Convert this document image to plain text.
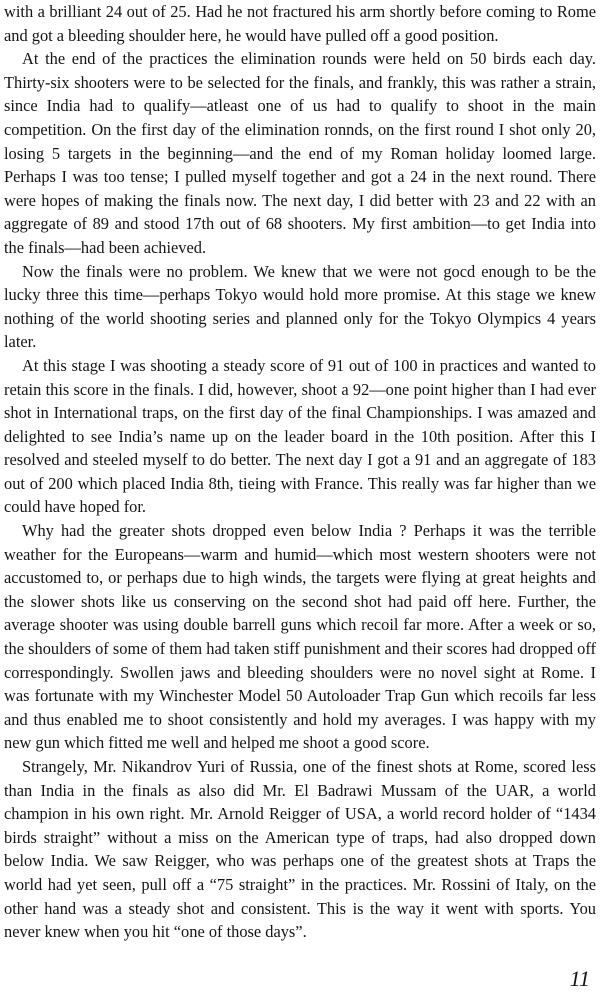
with a brilliant 24 out of 25. Had he not fractured his arm shortly before coming to Rome and got a bleeding shoulder here, he would have pulled off a good position.

At the end of the practices the elimination rounds were held on 50 birds each day. Thirty-six shooters were to be selected for the finals, and frankly, this was rather a strain, since India had to qualify—atleast one of us had to qualify to shoot in the main competition. On the first day of the elimination ronnds, on the first round I shot only 20, losing 5 targets in the beginning—and the end of my Roman holiday loomed large. Perhaps I was too tense; I pulled myself together and got a 24 in the next round. There were hopes of making the finals now. The next day, I did better with 23 and 22 with an aggregate of 89 and stood 17th out of 68 shooters. My first ambition—to get India into the finals—had been achieved.

Now the finals were no problem. We knew that we were not gocd enough to be the lucky three this time—perhaps Tokyo would hold more promise. At this stage we knew nothing of the world shooting series and planned only for the Tokyo Olympics 4 years later.

At this stage I was shooting a steady score of 91 out of 100 in practices and wanted to retain this score in the finals. I did, however, shoot a 92—one point higher than I had ever shot in International traps, on the first day of the final Championships. I was amazed and delighted to see India’s name up on the leader board in the 10th position. After this I resolved and steeled myself to do better. The next day I got a 91 and an aggregate of 183 out of 200 which placed India 8th, tieing with France. This really was far higher than we could have hoped for.

Why had the greater shots dropped even below India ? Perhaps it was the terrible weather for the Europeans—warm and humid—which most western shooters were not accustomed to, or perhaps due to high winds, the targets were flying at great heights and the slower shots like us conserving on the second shot had paid off here. Further, the average shooter was using double barrell guns which recoil far more. After a week or so, the shoulders of some of them had taken stiff punishment and their scores had dropped off correspondingly. Swollen jaws and bleeding shoulders were no novel sight at Rome. I was fortunate with my Winchester Model 50 Autoloader Trap Gun which recoils far less and thus enabled me to shoot consistently and hold my averages. I was happy with my new gun which fitted me well and helped me shoot a good score.

Strangely, Mr. Nikandrov Yuri of Russia, one of the finest shots at Rome, scored less than India in the finals as also did Mr. El Badrawi Mussam of the UAR, a world champion in his own right. Mr. Arnold Reigger of USA, a world record holder of “1434 birds straight” without a miss on the American type of traps, had also dropped down below India. We saw Reigger, who was perhaps one of the greatest shots at Traps the world had yet seen, pull off a “75 straight” in the practices. Mr. Rossini of Italy, on the other hand was a steady shot and consistent. This is the way it went with sports. You never knew when you hit “one of those days”.

11
